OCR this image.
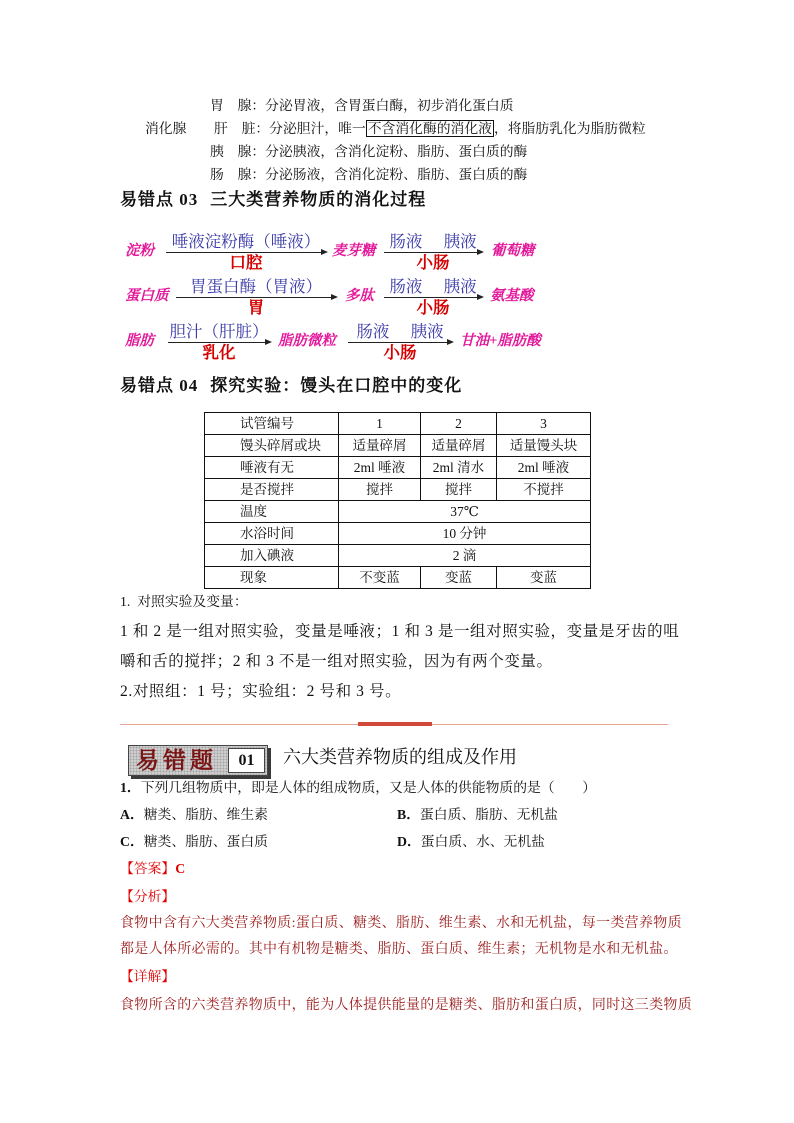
胃　腺：分泌胃液，含胃蛋白酶，初步消化蛋白质
消化腺 肝　脏：分泌胆汁，唯一 不含消化酶的消化液 ，将脂肪乳化为脂肪微粒
胰　腺：分泌胰液，含消化淀粉、脂肪、蛋白质的酶
肠　腺：分泌肠液，含消化淀粉、脂肪、蛋白质的酶
易错点 03 三大类营养物质的消化过程
淀粉 唾液淀粉酶（唾液）
口腔
麦芽糖 肠液  胰液
小肠
葡萄糖
蛋白质 胃蛋白酶（胃液）
胃
多肽 肠液  胰液
小肠
氨基酸
脂肪 胆汁（肝脏）
乳化
脂肪微粒 肠液  胰液
小肠
甘油+脂肪酸
易错点 04 探究实验：馒头在口腔中的变化
试管编号	1	2	3
馒头碎屑或块	适量碎屑	适量碎屑	适量馒头块
唾液有无	2ml 唾液	2ml 清水	2ml 唾液
是否搅拌	搅拌	搅拌	不搅拌
温度	37℃		
水浴时间	10 分钟		
加入碘液	2 滴		
现象	不变蓝	变蓝	变蓝
1.  对照实验及变量：
1 和 2 是一组对照实验，变量是唾液；1 和 3 是一组对照实验，变量是牙齿的咀
嚼和舌的搅拌；2 和 3 不是一组对照实验，因为有两个变量。
2.对照组：1 号；实验组：2 号和 3 号。
易错题	01	六大类营养物质的组成及作用
1．下列几组物质中，即是人体的组成物质，又是人体的供能物质的是（　　）
A．糖类、脂肪、维生素	B．蛋白质、脂肪、无机盐
C．糖类、脂肪、蛋白质	D．蛋白质、水、无机盐
【答案】C
【分析】
食物中含有六大类营养物质:蛋白质、糖类、脂肪、维生素、水和无机盐，每一类营养物质
都是人体所必需的。其中有机物是糖类、脂肪、蛋白质、维生素；无机物是水和无机盐。
【详解】
食物所含的六类营养物质中，能为人体提供能量的是糖类、脂肪和蛋白质，同时这三类物质
